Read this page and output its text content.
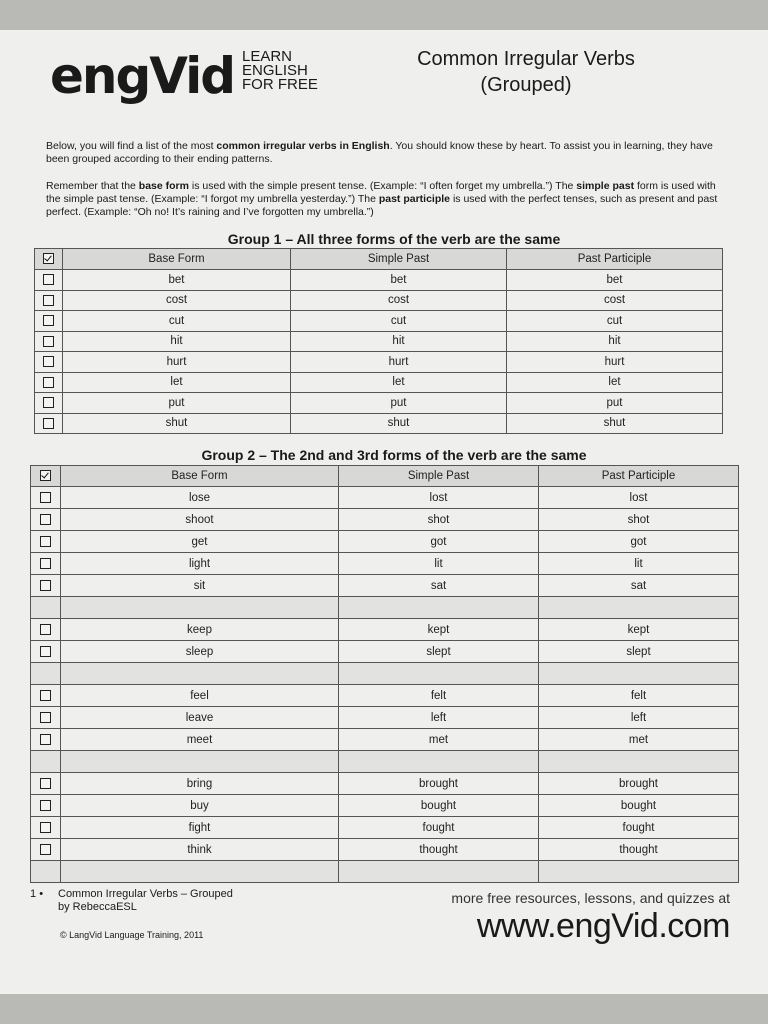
engVid LEARN
ENGLISH
FOR FREE
Common Irregular Verbs
(Grouped)
Below, you will find a list of the most common irregular verbs in English. You should know these by heart. To assist you in learning, they have been grouped according to their ending patterns.
Remember that the base form is used with the simple present tense. (Example: “I often forget my umbrella.”) The simple past form is used with the simple past tense. (Example: “I forgot my umbrella yesterday.”) The past participle is used with the perfect tenses, such as present and past perfect. (Example: “Oh no! It’s raining and I’ve forgotten my umbrella.”)
Group 1 – All three forms of the verb are the same
	Base Form	Simple Past	Past Participle
	bet	bet	bet
	cost	cost	cost
	cut	cut	cut
	hit	hit	hit
	hurt	hurt	hurt
	let	let	let
	put	put	put
	shut	shut	shut
Group 2 – The 2nd and 3rd forms of the verb are the same
	Base Form	Simple Past	Past Participle
	lose	lost	lost
	shoot	shot	shot
	get	got	got
	light	lit	lit
	sit	sat	sat

	keep	kept	kept
	sleep	slept	slept

	feel	felt	felt
	leave	left	left
	meet	met	met

	bring	brought	brought
	buy	bought	bought
	fight	fought	fought
	think	thought	thought

1 • Common Irregular Verbs – Grouped
by RebeccaESL
© LangVid Language Training, 2011
more free resources, lessons, and quizzes at
www.engVid.com
